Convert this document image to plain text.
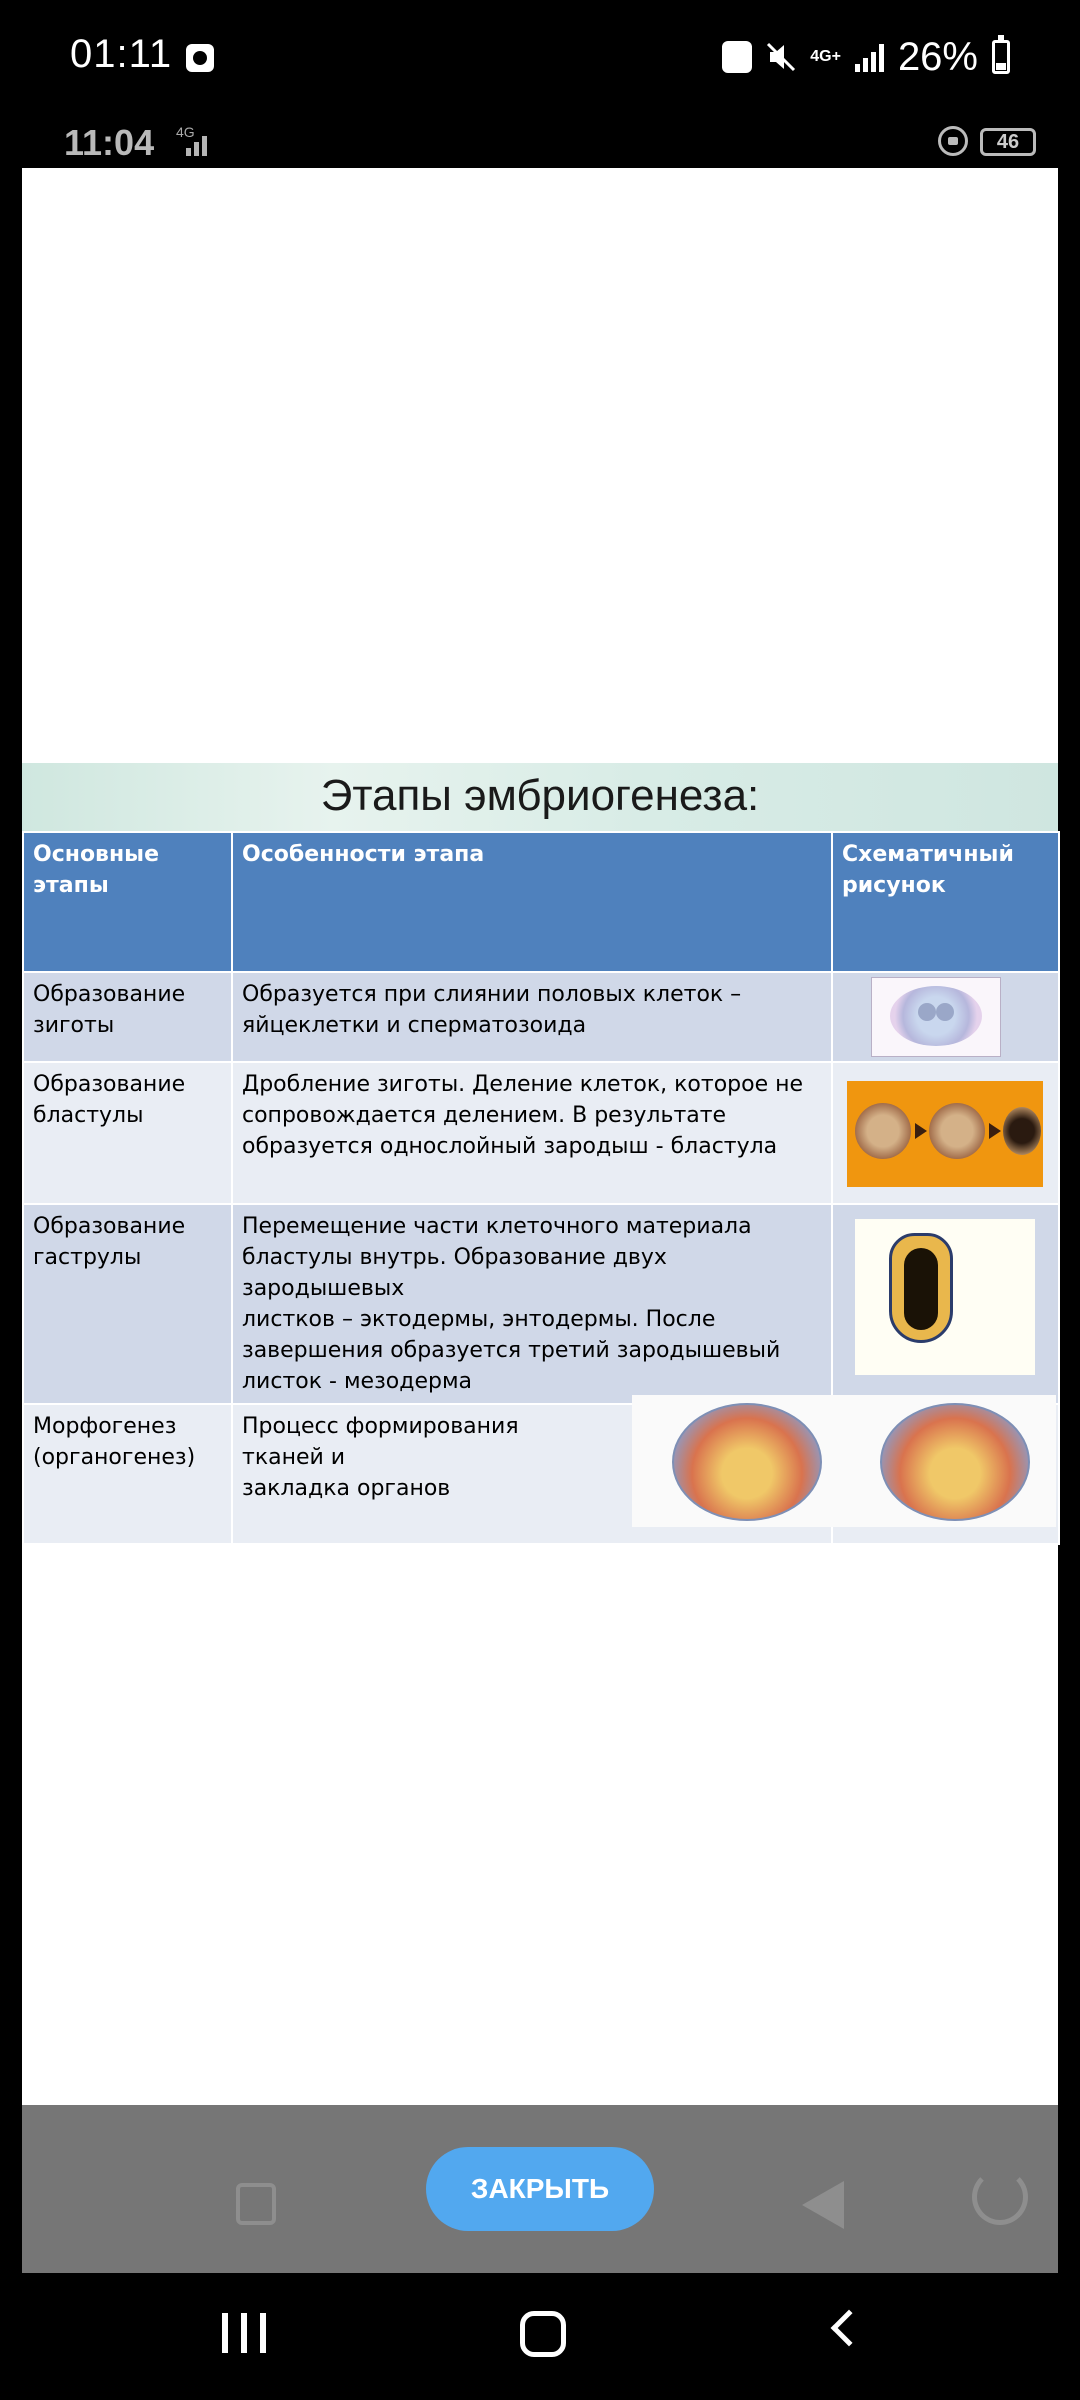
01:11	4G+ 26%
11:04 4G	46
Этапы эмбриогенеза:
Основные этапы	Особенности этапа	Схематичный рисунок

Образование
зиготы	Образуется при слиянии половых клеток –
яйцеклетки и сперматозоида	

Образование
бластулы	Дробление зиготы. Деление клеток, которое не
сопровождается делением. В результате
образуется однослойный зародыш - бластула	

Образование
гаструлы	Перемещение части клеточного материала
бластулы внутрь. Образование двух зародышевых
листков – эктодермы, энтодермы. После
завершения образуется третий зародышевый
листок - мезодерма	

Морфогенез
(органогенез)	Процесс формирования
тканей и
закладка органов	

ЗАКРЫТЬ
